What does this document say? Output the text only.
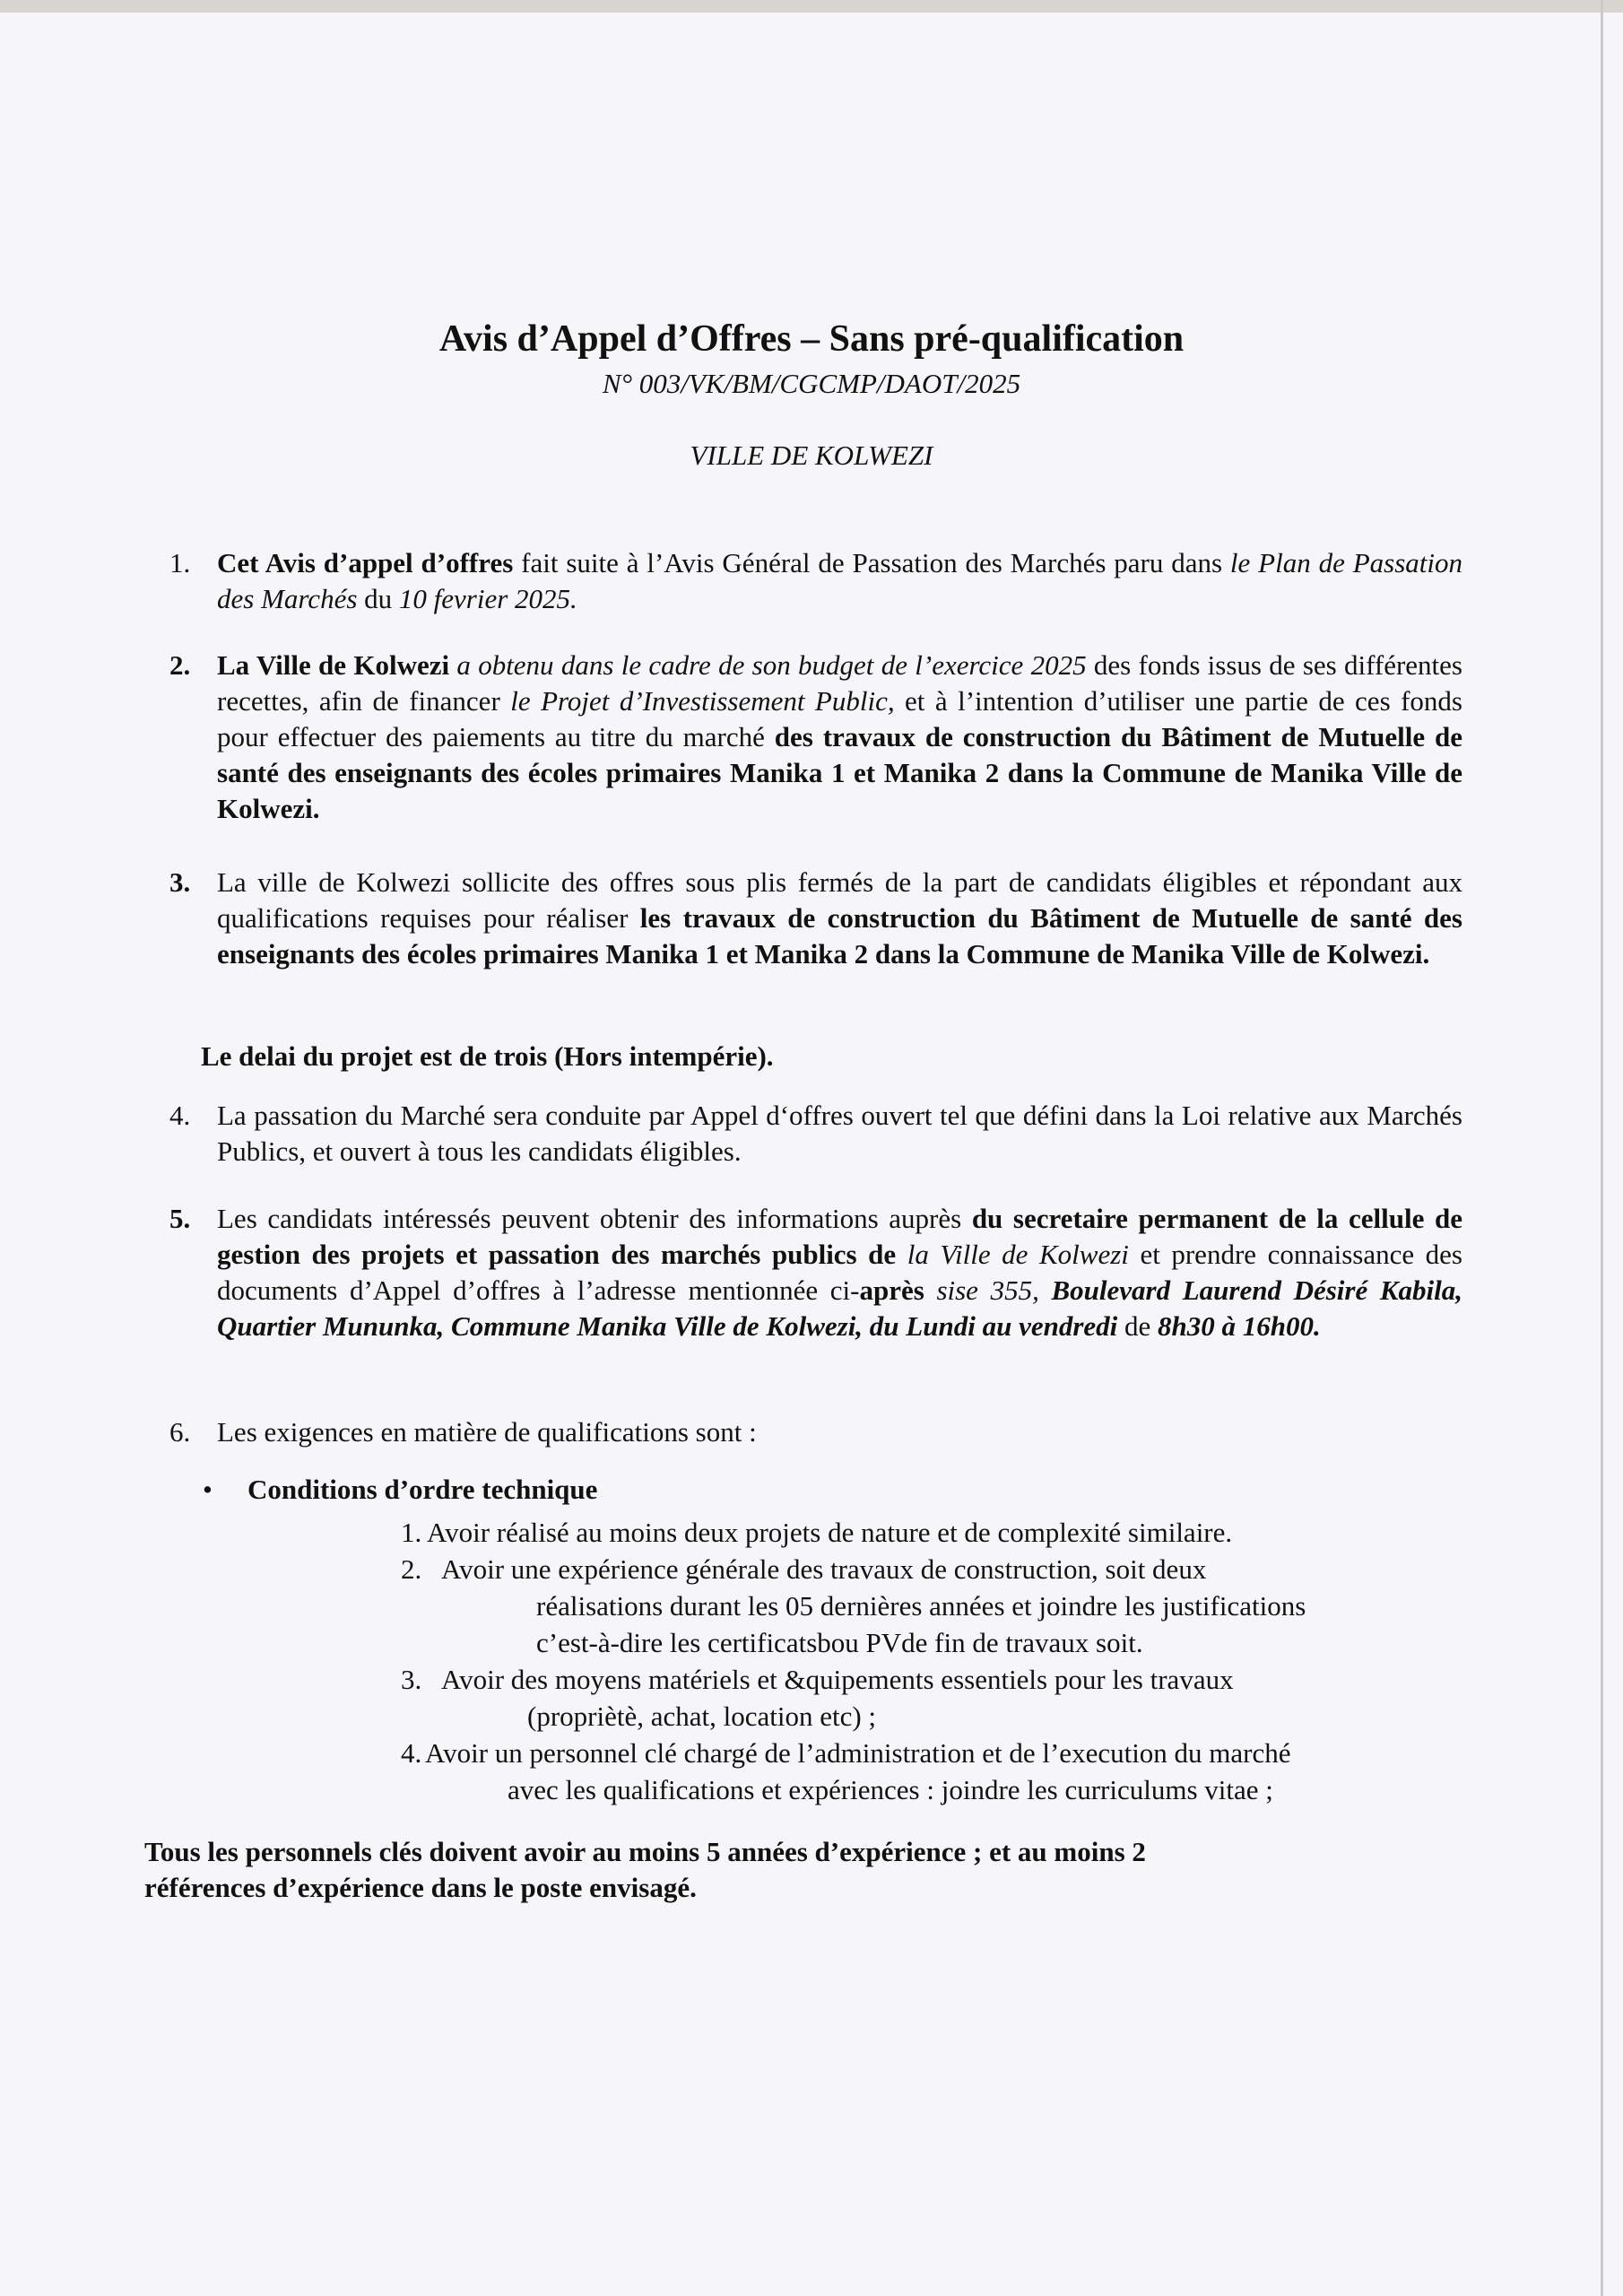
Avis d’Appel d’Offres – Sans pré-qualification
N° 003/VK/BM/CGCMP/DAOT/2025
VILLE DE KOLWEZI
1. Cet Avis d’appel d’offres fait suite à l’Avis Général de Passation des Marchés paru dans le Plan de Passation des Marchés du 10 fevrier 2025.
2. La Ville de Kolwezi a obtenu dans le cadre de son budget de l’exercice 2025 des fonds issus de ses différentes recettes, afin de financer le Projet d’Investissement Public, et à l’intention d’utiliser une partie de ces fonds pour effectuer des paiements au titre du marché des travaux de construction du Bâtiment de Mutuelle de santé des enseignants des écoles primaires Manika 1 et Manika 2 dans la Commune de Manika Ville de Kolwezi.
3. La ville de Kolwezi sollicite des offres sous plis fermés de la part de candidats éligibles et répondant aux qualifications requises pour réaliser les travaux de construction du Bâtiment de Mutuelle de santé des enseignants des écoles primaires Manika 1 et Manika 2 dans la Commune de Manika Ville de Kolwezi.
Le delai du projet est de trois (Hors intempérie).
4. La passation du Marché sera conduite par Appel d‘offres ouvert tel que défini dans la Loi relative aux Marchés Publics, et ouvert à tous les candidats éligibles.
5. Les candidats intéressés peuvent obtenir des informations auprès du secretaire permanent de la cellule de gestion des projets et passation des marchés publics de la Ville de Kolwezi et prendre connaissance des documents d’Appel d’offres à l’adresse mentionnée ci-après sise 355, Boulevard Laurend Désiré Kabila, Quartier Mununka, Commune Manika Ville de Kolwezi, du Lundi au vendredi de 8h30 à 16h00.
6. Les exigences en matière de qualifications sont :
• Conditions d’ordre technique
1. Avoir réalisé au moins deux projets de nature et de complexité similaire.
2. Avoir une expérience générale des travaux de construction, soit deux
réalisations durant les 05 dernières années et joindre les justifications
c’est-à-dire les certificatsbou PVde fin de travaux soit.
3. Avoir des moyens matériels et &quipements essentiels pour les travaux
(propriètè, achat, location etc) ;
4. Avoir un personnel clé chargé de l’administration et de l’execution du marché
avec les qualifications et expériences : joindre les curriculums vitae ;
Tous les personnels clés doivent avoir au moins 5 années d’expérience ; et au moins 2
références d’expérience dans le poste envisagé.
